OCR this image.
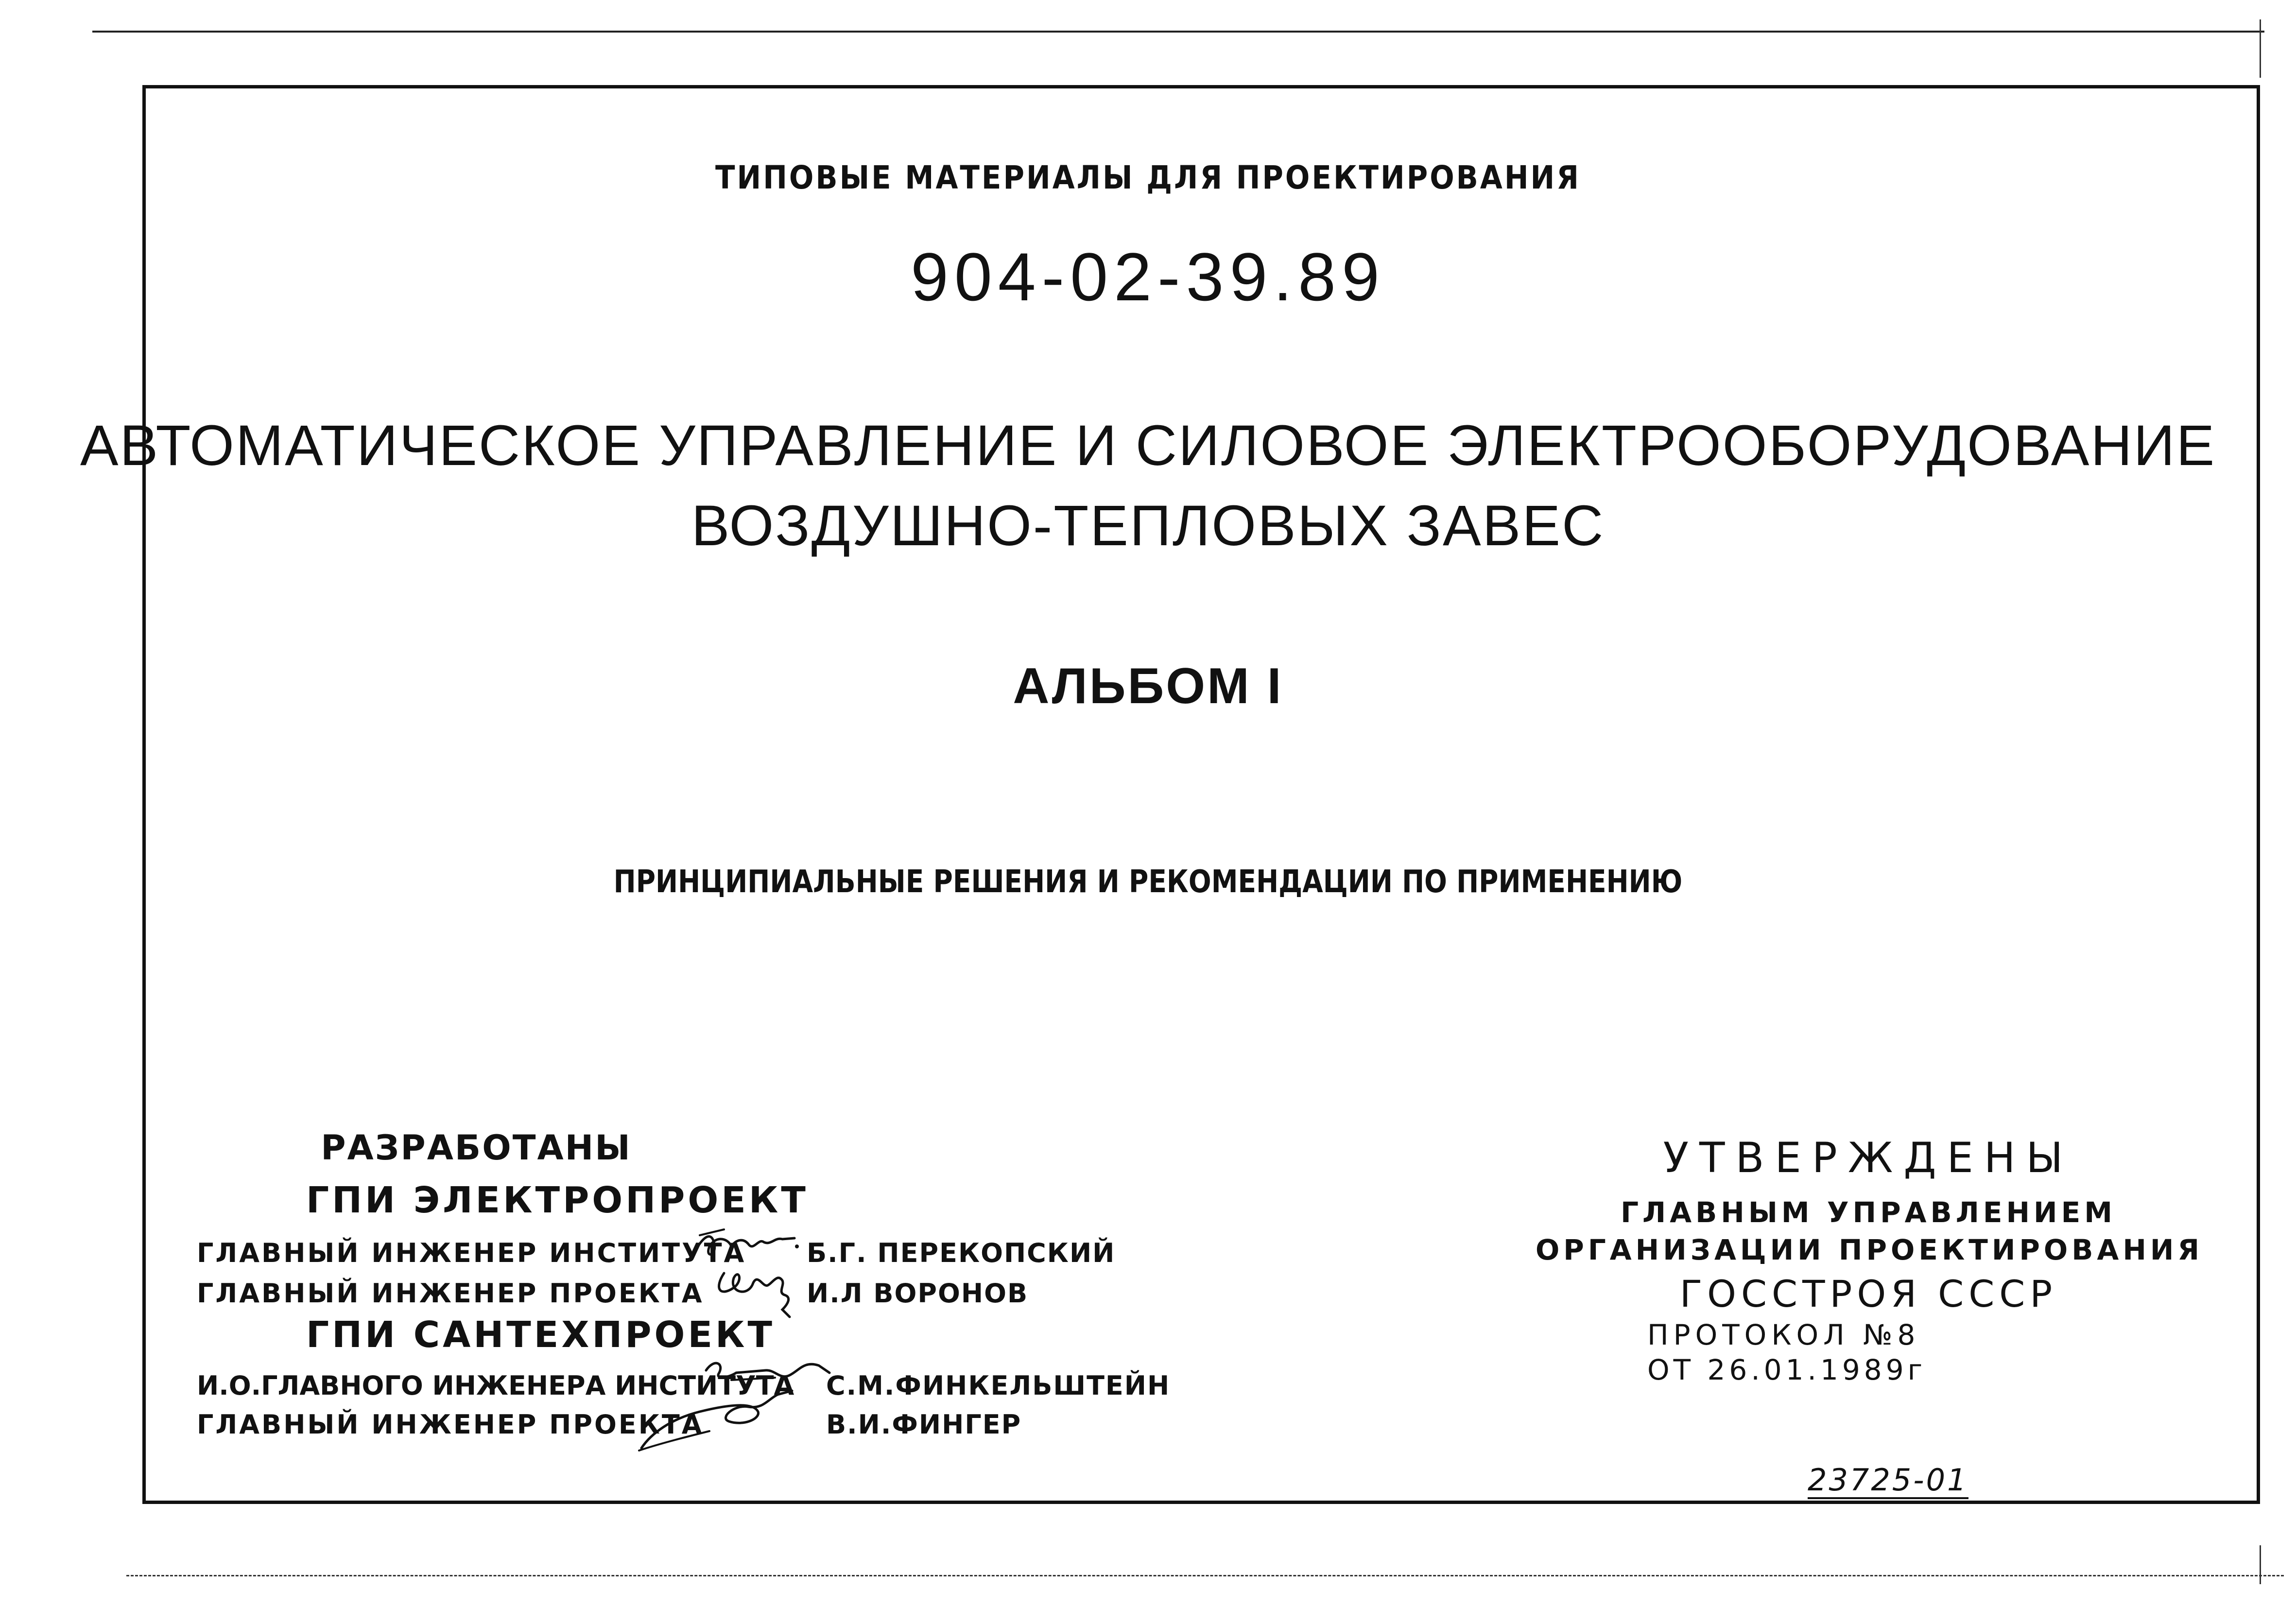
ТИПОВЫЕ МАТЕРИАЛЫ ДЛЯ ПРОЕКТИРОВАНИЯ
904-02-39.89
АВТОМАТИЧЕСКОЕ УПРАВЛЕНИЕ И СИЛОВОЕ ЭЛЕКТРООБОРУДОВАНИЕ
ВОЗДУШНО-ТЕПЛОВЫХ ЗАВЕС
АЛЬБОМ I
ПРИНЦИПИАЛЬНЫЕ РЕШЕНИЯ И РЕКОМЕНДАЦИИ ПО ПРИМЕНЕНИЮ
РАЗРАБОТАНЫ
ГПИ ЭЛЕКТРОПРОЕКТ
ГЛАВНЫЙ ИНЖЕНЕР ИНСТИТУТА Б.Г. ПЕРЕКОПСКИЙ
ГЛАВНЫЙ ИНЖЕНЕР ПРОЕКТА	И.Л ВОРОНОВ
ГПИ САНТЕХПРОЕКТ
И.О.ГЛАВНОГО ИНЖЕНЕРА ИНСТИТУТА С.М.ФИНКЕЛЬШТЕЙН
ГЛАВНЫЙ ИНЖЕНЕР ПРОЕКТА	В.И.ФИНГЕР
УТВЕРЖДЕНЫ
ГЛАВНЫМ УПРАВЛЕНИЕМ
ОРГАНИЗАЦИИ ПРОЕКТИРОВАНИЯ
ГОССТРОЯ СССР
ПРОТОКОЛ №8
ОТ 26.01.1989г
23725-01
